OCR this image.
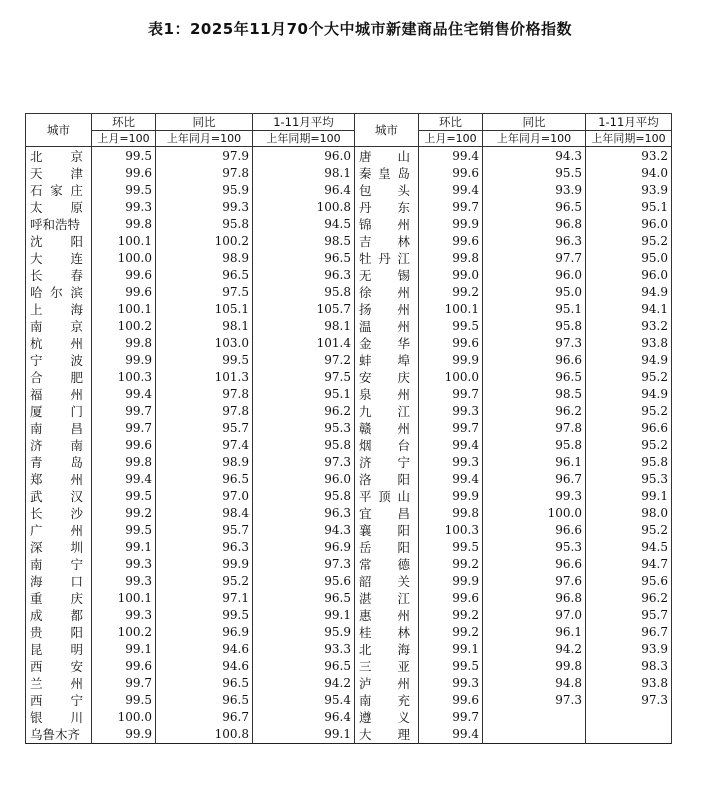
表1：2025年11月70个大中城市新建商品住宅销售价格指数
城市	环比	同比	1-11月平均	城市	环比	同比	1-11月平均
	上月=100	上年同月=100	上年同期=100		上月=100	上年同月=100	上年同期=100

北 京	99.5	97.9	96.0	唐 山	99.4	94.3	93.2

天 津	99.6	97.8	98.1	秦 皇 岛	99.6	95.5	94.0

石 家 庄	99.5	95.9	96.4	包 头	99.4	93.9	93.9

太 原	99.3	99.3	100.8	丹 东	99.7	96.5	95.1

呼 和 浩 特	99.8	95.8	94.5	锦 州	99.9	96.8	96.0

沈 阳	100.1	100.2	98.5	吉 林	99.6	96.3	95.2

大 连	100.0	98.9	96.5	牡 丹 江	99.8	97.7	95.0

长 春	99.6	96.5	96.3	无 锡	99.0	96.0	96.0

哈 尔 滨	99.6	97.5	95.8	徐 州	99.2	95.0	94.9

上 海	100.1	105.1	105.7	扬 州	100.1	95.1	94.1

南 京	100.2	98.1	98.1	温 州	99.5	95.8	93.2

杭 州	99.8	103.0	101.4	金 华	99.6	97.3	93.8

宁 波	99.9	99.5	97.2	蚌 埠	99.9	96.6	94.9

合 肥	100.3	101.3	97.5	安 庆	100.0	96.5	95.2

福 州	99.4	97.8	95.1	泉 州	99.7	98.5	94.9

厦 门	99.7	97.8	96.2	九 江	99.3	96.2	95.2

南 昌	99.7	95.7	95.3	赣 州	99.7	97.8	96.6

济 南	99.6	97.4	95.8	烟 台	99.4	95.8	95.2

青 岛	99.8	98.9	97.3	济 宁	99.3	96.1	95.8

郑 州	99.4	96.5	96.0	洛 阳	99.4	96.7	95.3

武 汉	99.5	97.0	95.8	平 顶 山	99.9	99.3	99.1

长 沙	99.2	98.4	96.3	宜 昌	99.8	100.0	98.0

广 州	99.5	95.7	94.3	襄 阳	100.3	96.6	95.2

深 圳	99.1	96.3	96.9	岳 阳	99.5	95.3	94.5

南 宁	99.3	99.9	97.3	常 德	99.2	96.6	94.7

海 口	99.3	95.2	95.6	韶 关	99.9	97.6	95.6

重 庆	100.1	97.1	96.5	湛 江	99.6	96.8	96.2

成 都	99.3	99.5	99.1	惠 州	99.2	97.0	95.7

贵 阳	100.2	96.9	95.9	桂 林	99.2	96.1	96.7

昆 明	99.1	94.6	93.3	北 海	99.1	94.2	93.9

西 安	99.6	94.6	96.5	三 亚	99.5	99.8	98.3

兰 州	99.7	96.5	94.2	泸 州	99.3	94.8	93.8

西 宁	99.5	96.5	95.4	南 充	99.6	97.3	97.3

银 川	100.0	96.7	96.4	遵 义	99.7		

乌 鲁 木 齐	99.9	100.8	99.1	大 理	99.4		
